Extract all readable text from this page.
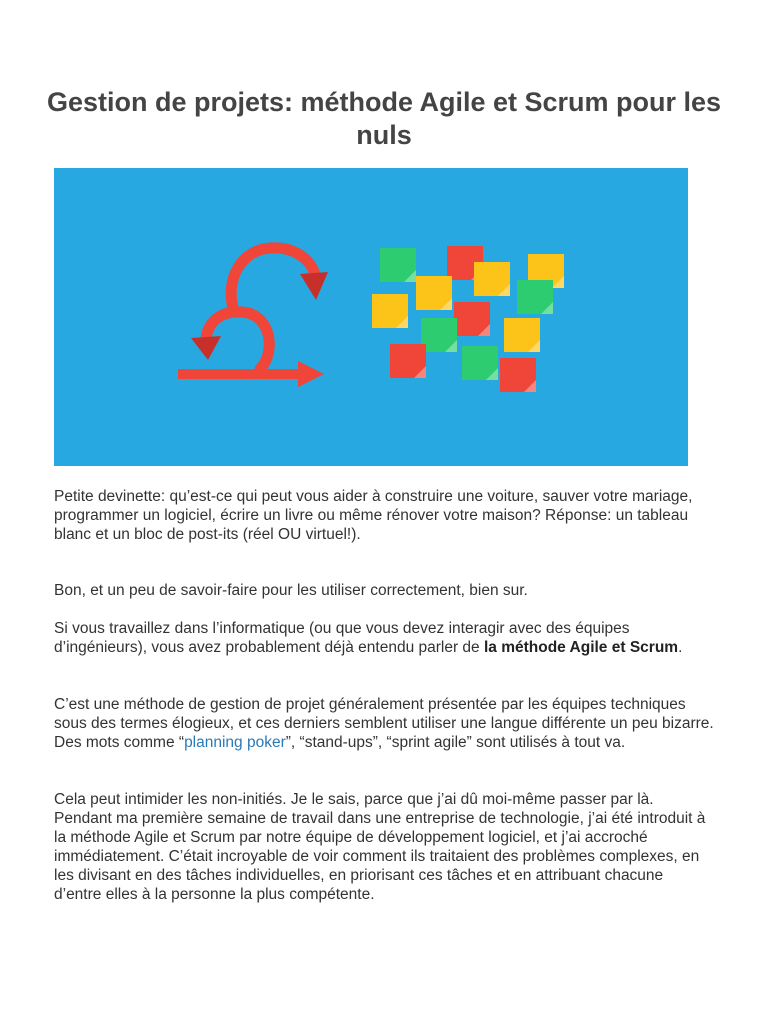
Gestion de projets: méthode Agile et Scrum pour les nuls

Petite devinette: qu’est-ce qui peut vous aider à construire une voiture, sauver votre mariage, programmer un logiciel, écrire un livre ou même rénover votre maison? Réponse: un tableau blanc et un bloc de post-its (réel OU virtuel!).

Bon, et un peu de savoir-faire pour les utiliser correctement, bien sur.

Si vous travaillez dans l’informatique (ou que vous devez interagir avec des équipes d’ingénieurs), vous avez probablement déjà entendu parler de la méthode Agile et Scrum.

C’est une méthode de gestion de projet généralement présentée par les équipes techniques sous des termes élogieux, et ces derniers semblent utiliser une langue différente un peu bizarre. Des mots comme “planning poker”, “stand-ups”, “sprint agile” sont utilisés à tout va.

Cela peut intimider les non-initiés. Je le sais, parce que j’ai dû moi-même passer par là. Pendant ma première semaine de travail dans une entreprise de technologie, j’ai été introduit à la méthode Agile et Scrum par notre équipe de développement logiciel, et j’ai accroché immédiatement. C’était incroyable de voir comment ils traitaient des problèmes complexes, en les divisant en des tâches individuelles, en priorisant ces tâches et en attribuant chacune d’entre elles à la personne la plus compétente.
